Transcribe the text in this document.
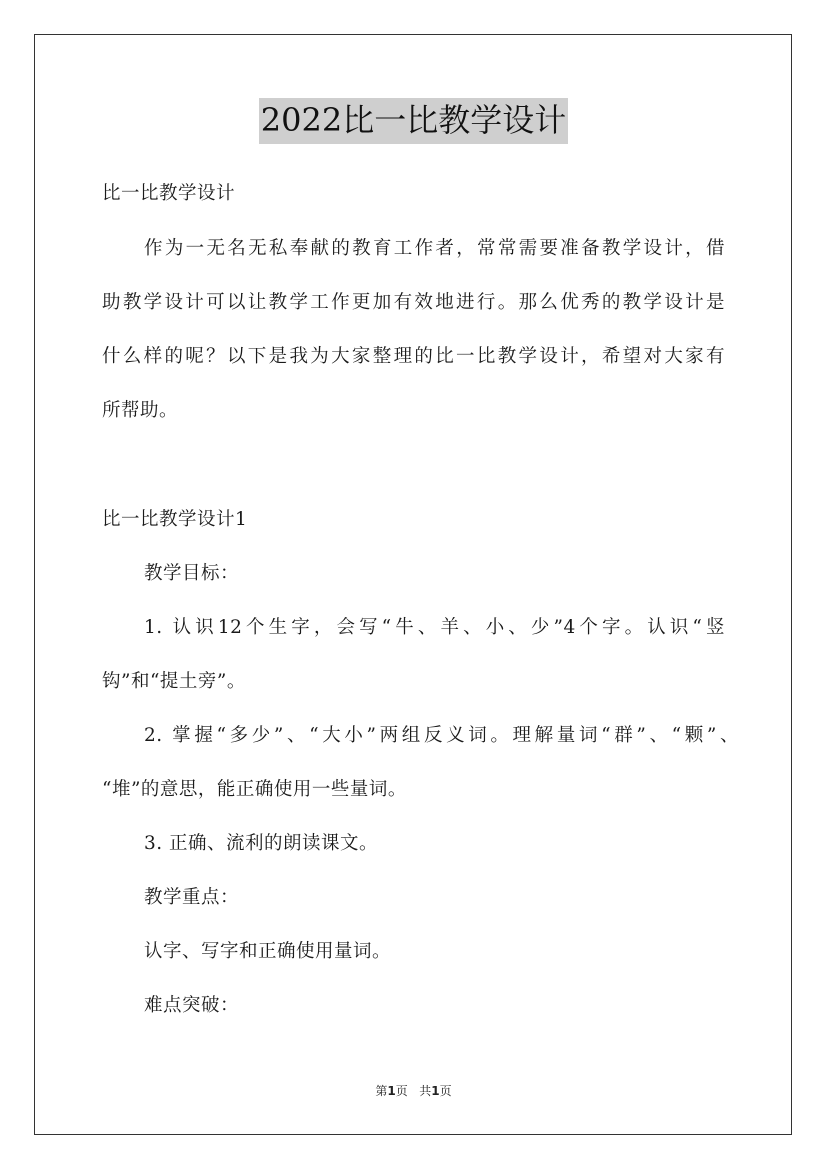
2022比一比教学设计
比一比教学设计
作为一无名无私奉献的教育工作者，常常需要准备教学设计，借
助教学设计可以让教学工作更加有效地进行。那么优秀的教学设计是
什么样的呢？以下是我为大家整理的比一比教学设计，希望对大家有
所帮助。
比一比教学设计1
教学目标：
1. 认识12个生字，会写“牛、羊、小、少”4个字。认识“竖
钩”和“提土旁”。
2. 掌握“多少”、“大小”两组反义词。理解量词“群”、“颗”、
“堆”的意思，能正确使用一些量词。
3. 正确、流利的朗读课文。
教学重点：
认字、写字和正确使用量词。
难点突破：
第1页   共1页
